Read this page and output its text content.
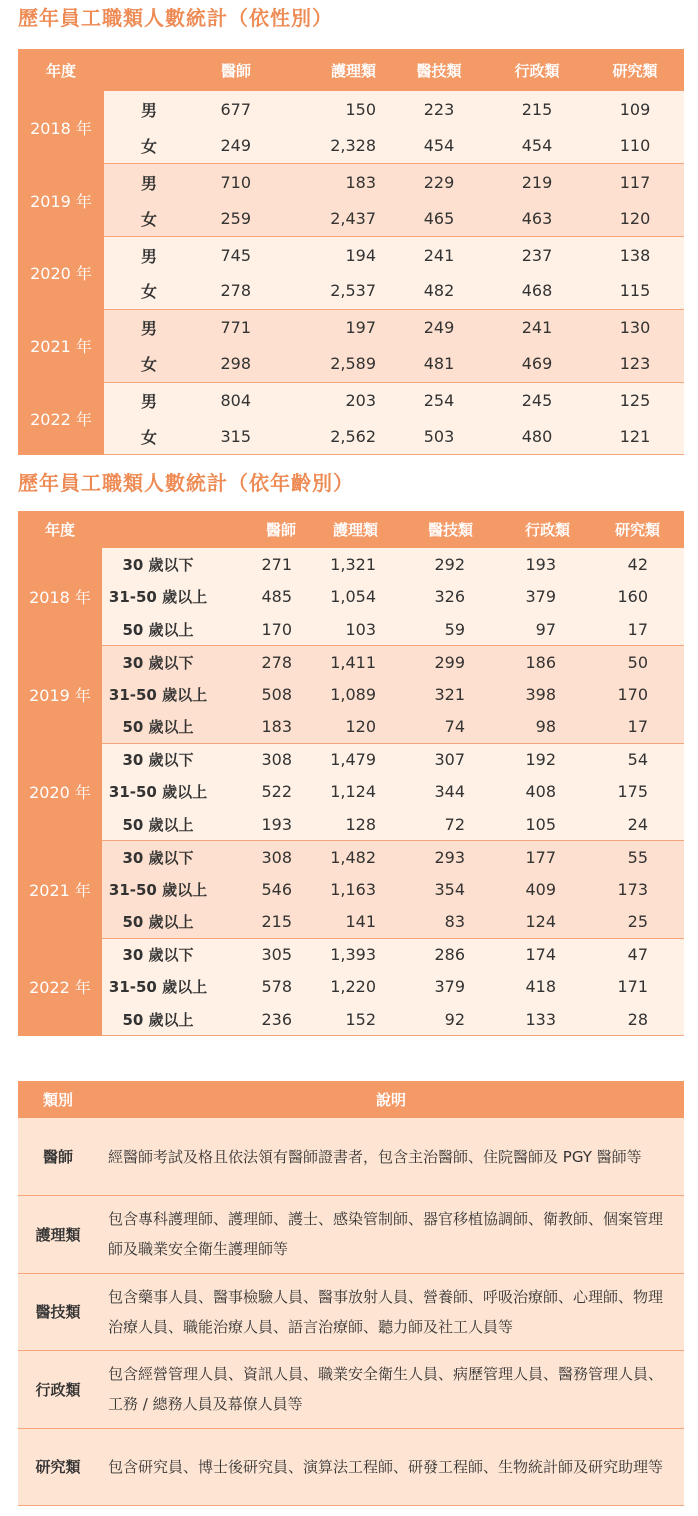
歷年員工職類人數統計（依性別）
年度		醫師	護理類	醫技類	行政類	研究類
2018 年	男	677	150	223	215	109
	女	249	2,328	454	454	110
2019 年	男	710	183	229	219	117
	女	259	2,437	465	463	120
2020 年	男	745	194	241	237	138
	女	278	2,537	482	468	115
2021 年	男	771	197	249	241	130
	女	298	2,589	481	469	123
2022 年	男	804	203	254	245	125
	女	315	2,562	503	480	121
歷年員工職類人數統計（依年齡別）
年度		醫師	護理類	醫技類	行政類	研究類
2018 年	30 歲以下	271	1,321	292	193	42
	31-50 歲以上	485	1,054	326	379	160
	50 歲以上	170	103	59	97	17
2019 年	30 歲以下	278	1,411	299	186	50
	31-50 歲以上	508	1,089	321	398	170
	50 歲以上	183	120	74	98	17
2020 年	30 歲以下	308	1,479	307	192	54
	31-50 歲以上	522	1,124	344	408	175
	50 歲以上	193	128	72	105	24
2021 年	30 歲以下	308	1,482	293	177	55
	31-50 歲以上	546	1,163	354	409	173
	50 歲以上	215	141	83	124	25
2022 年	30 歲以下	305	1,393	286	174	47
	31-50 歲以上	578	1,220	379	418	171
	50 歲以上	236	152	92	133	28
類別	說明
醫師	經醫師考試及格且依法領有醫師證書者，包含主治醫師、住院醫師及 PGY 醫師等
護理類	包含專科護理師、護理師、護士、感染管制師、器官移植協調師、衛教師、個案管理師及職業安全衛生護理師等
醫技類	包含藥事人員、醫事檢驗人員、醫事放射人員、營養師、呼吸治療師、心理師、物理治療人員、職能治療人員、語言治療師、聽力師及社工人員等
行政類	包含經營管理人員、資訊人員、職業安全衛生人員、病歷管理人員、醫務管理人員、工務 / 總務人員及幕僚人員等
研究類	包含研究員、博士後研究員、演算法工程師、研發工程師、生物統計師及研究助理等
